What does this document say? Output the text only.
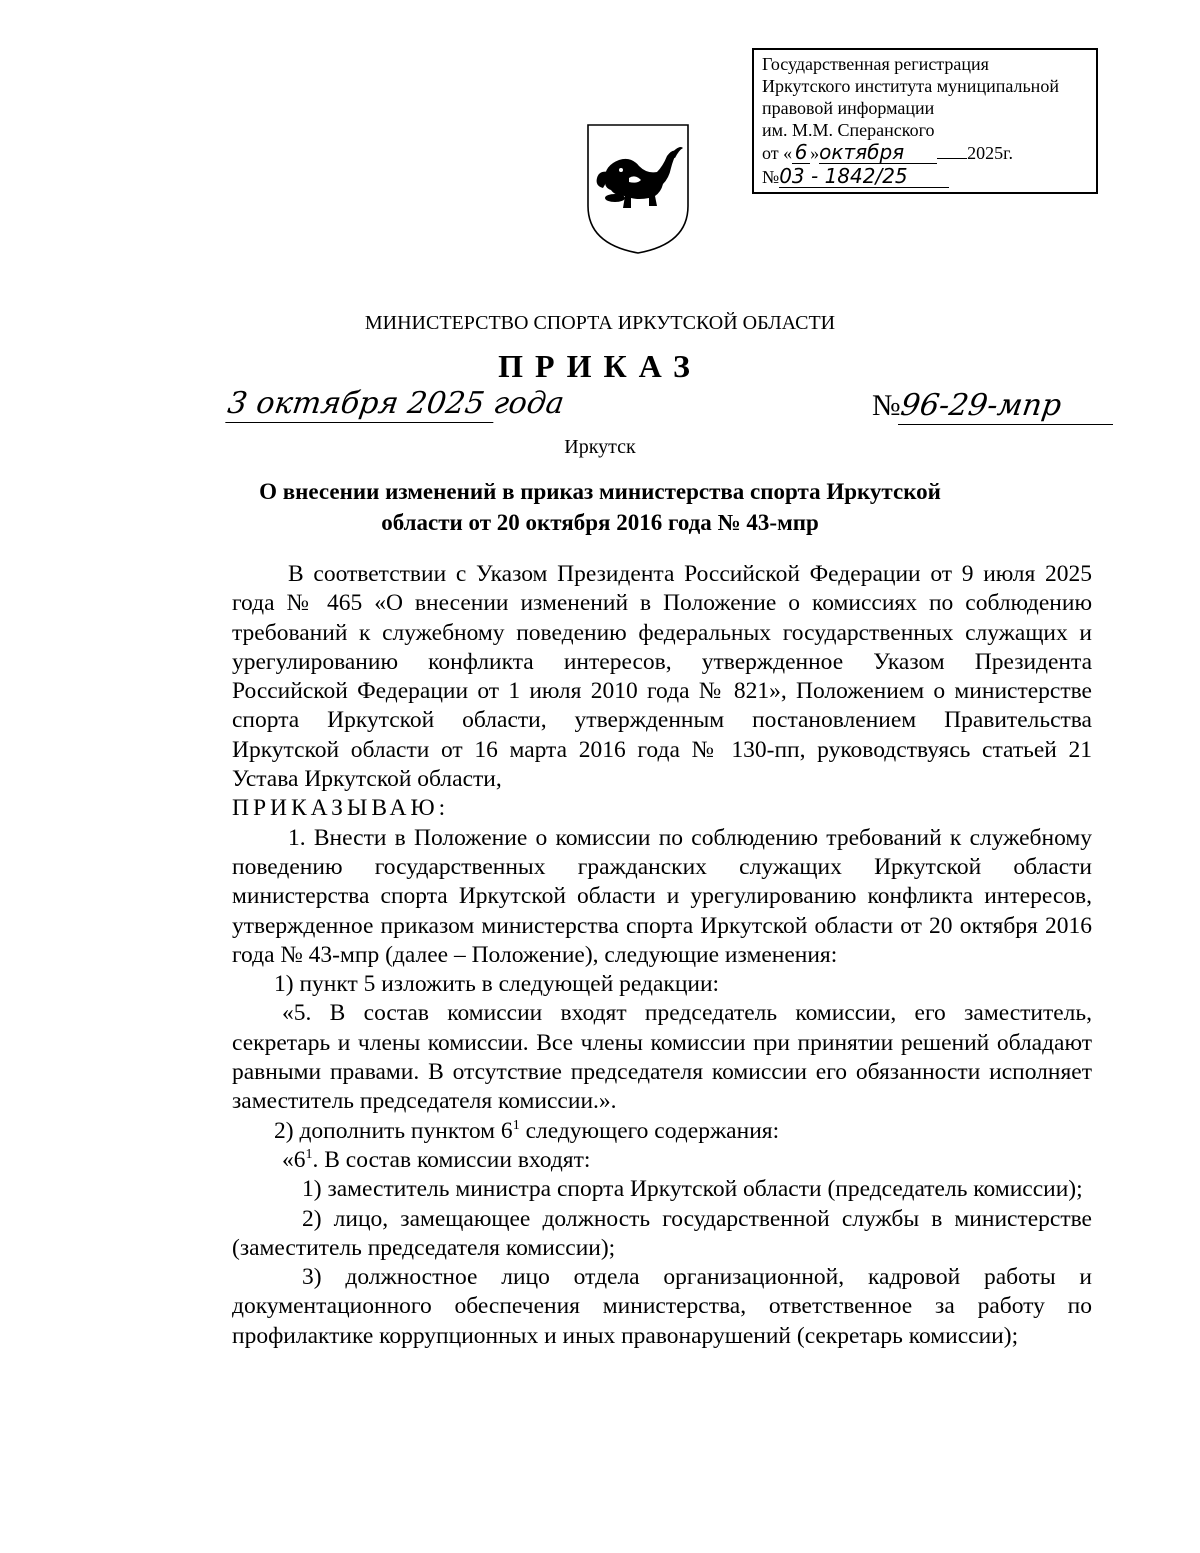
Государственная регистрация
Иркутского института муниципальной
правовой информации
им. М.М. Сперанского
от « 6 »октября	2025г.
№03 - 1842/25
МИНИСТЕРСТВО СПОРТА ИРКУТСКОЙ ОБЛАСТИ
ПРИКАЗ
3 октября 2025 года	№96-29-мпр
Иркутск
О внесении изменений в приказ министерства спорта Иркутской
области от 20 октября 2016 года № 43-мпр

В соответствии с Указом Президента Российской Федерации от 9 июля 2025 года № 465 «О внесении изменений в Положение о комиссиях по соблюдению требований к служебному поведению федеральных государственных служащих и урегулированию конфликта интересов, утвержденное Указом Президента Российской Федерации от 1 июля 2010 года № 821», Положением о министерстве спорта Иркутской области, утвержденным постановлением Правительства Иркутской области от 16 марта 2016 года № 130-пп, руководствуясь статьей 21 Устава Иркутской области,

ПРИКАЗЫВАЮ:

1. Внести в Положение о комиссии по соблюдению требований к служебному поведению государственных гражданских служащих Иркутской области министерства спорта Иркутской области и урегулированию конфликта интересов, утвержденное приказом министерства спорта Иркутской области от 20 октября 2016 года № 43-мпр (далее – Положение), следующие изменения:

1) пункт 5 изложить в следующей редакции:

«5. В состав комиссии входят председатель комиссии, его заместитель, секретарь и члены комиссии. Все члены комиссии при принятии решений обладают равными правами. В отсутствие председателя комиссии его обязанности исполняет заместитель председателя комиссии.».

2) дополнить пунктом $6^1$ следующего содержания:

«$6^1$. В состав комиссии входят:

1) заместитель министра спорта Иркутской области (председатель комиссии);

2) лицо, замещающее должность государственной службы в министерстве (заместитель председателя комиссии);

3) должностное лицо отдела организационной, кадровой работы и документационного обеспечения министерства, ответственное за работу по профилактике коррупционных и иных правонарушений (секретарь комиссии);
